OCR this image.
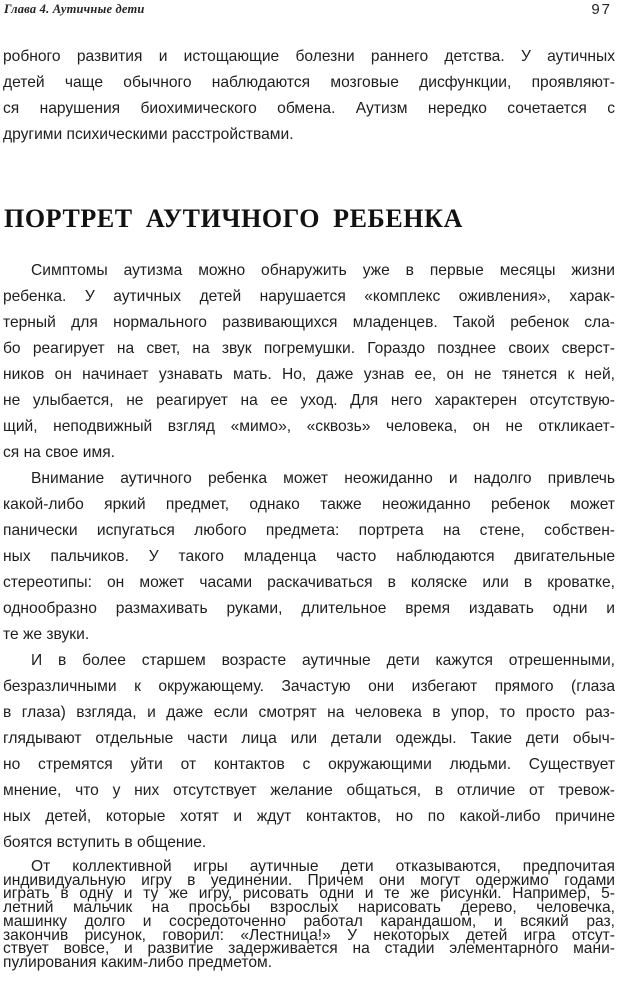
Глава 4. Аутичные дети	97
робного развития и истощающие болезни раннего детства. У аутичных
детей чаще обычного наблюдаются мозговые дисфункции, проявляют-
ся нарушения биохимического обмена. Аутизм нередко сочетается с
другими психическими расстройствами.
ПОРТРЕТ АУТИЧНОГО РЕБЕНКА
Симптомы аутизма можно обнаружить уже в первые месяцы жизни
ребенка. У аутичных детей нарушается «комплекс оживления», харак-
терный для нормального развивающихся младенцев. Такой ребенок сла-
бо реагирует на свет, на звук погремушки. Гораздо позднее своих сверст-
ников он начинает узнавать мать. Но, даже узнав ее, он не тянется к ней,
не улыбается, не реагирует на ее уход. Для него характерен отсутствую-
щий, неподвижный взгляд «мимо», «сквозь» человека, он не откликает-
ся на свое имя.
Внимание аутичного ребенка может неожиданно и надолго привлечь
какой-либо яркий предмет, однако также неожиданно ребенок может
панически испугаться любого предмета: портрета на стене, собствен-
ных пальчиков. У такого младенца часто наблюдаются двигательные
стереотипы: он может часами раскачиваться в коляске или в кроватке,
однообразно размахивать руками, длительное время издавать одни и
те же звуки.
И в более старшем возрасте аутичные дети кажутся отрешенными,
безразличными к окружающему. Зачастую они избегают прямого (глаза
в глаза) взгляда, и даже если смотрят на человека в упор, то просто раз-
глядывают отдельные части лица или детали одежды. Такие дети обыч-
но стремятся уйти от контактов с окружающими людьми. Существует
мнение, что у них отсутствует желание общаться, в отличие от тревож-
ных детей, которые хотят и ждут контактов, но по какой-либо причине
боятся вступить в общение.
От коллективной игры аутичные дети отказываются, предпочитая
индивидуальную игру в уединении. Причем они могут одержимо годами
играть в одну и ту же игру, рисовать одни и те же рисунки. Например, 5-
летний мальчик на просьбы взрослых нарисовать дерево, человечка,
машинку долго и сосредоточенно работал карандашом, и всякий раз,
закончив рисунок, говорил: «Лестница!» У некоторых детей игра отсут-
ствует вовсе, и развитие задерживается на стадии элементарного мани-
пулирования каким-либо предметом.
